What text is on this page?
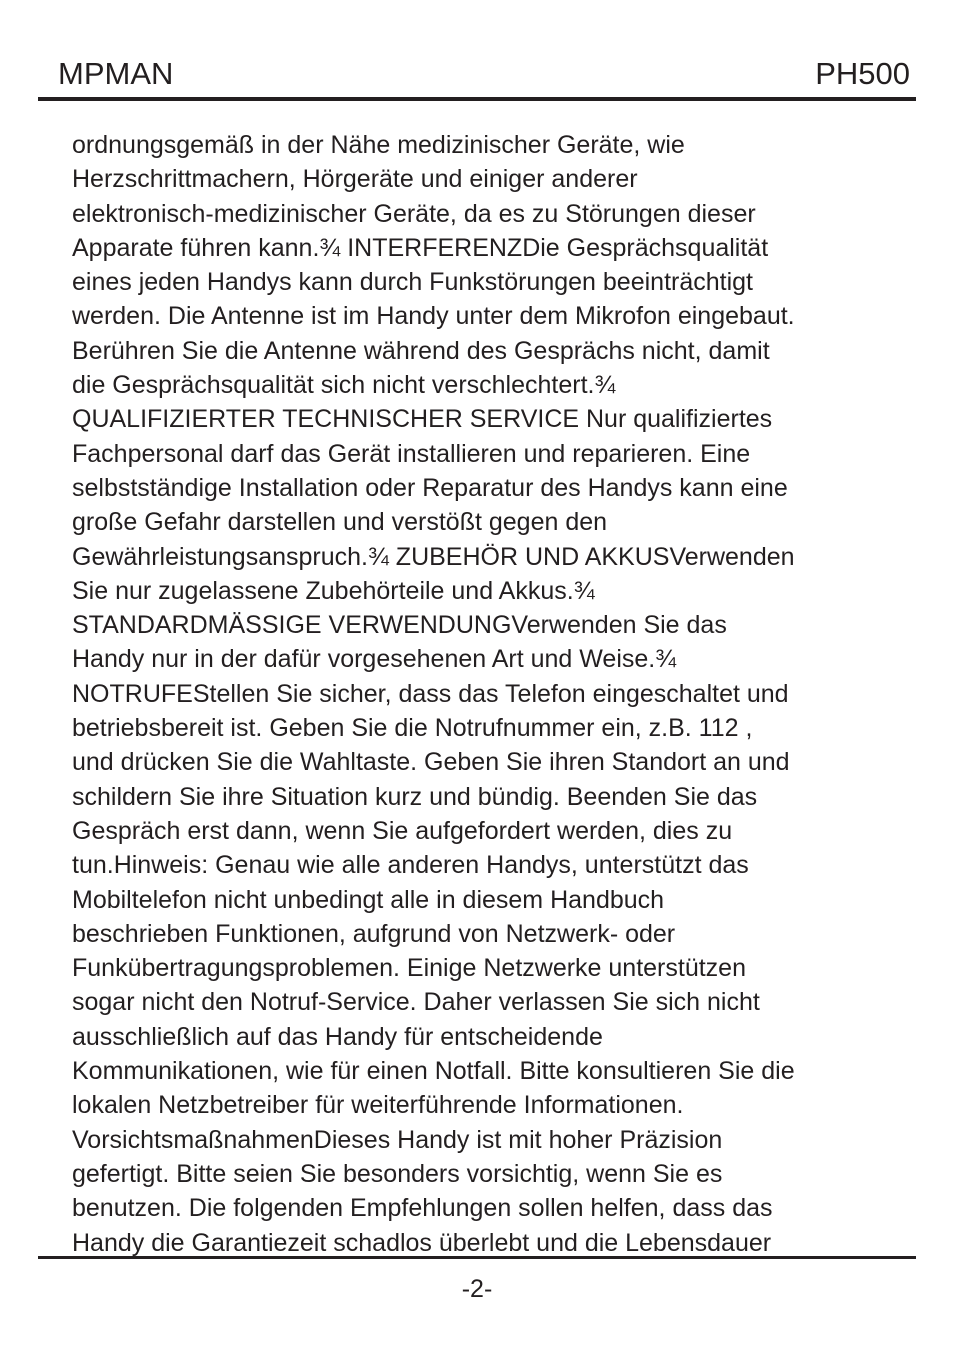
MPMAN	PH500
ordnungsgemäß in der Nähe medizinischer Geräte, wie
Herzschrittmachern, Hörgeräte und einiger anderer
elektronisch-medizinischer Geräte, da es zu Störungen dieser
Apparate führen kann.¾ INTERFERENZDie Gesprächsqualität
eines jeden Handys kann durch Funkstörungen beeinträchtigt
werden. Die Antenne ist im Handy unter dem Mikrofon eingebaut.
Berühren Sie die Antenne während des Gesprächs nicht, damit
die Gesprächsqualität sich nicht verschlechtert.¾
QUALIFIZIERTER TECHNISCHER SERVICE Nur qualifiziertes
Fachpersonal darf das Gerät installieren und reparieren. Eine
selbstständige Installation oder Reparatur des Handys kann eine
große Gefahr darstellen und verstößt gegen den
Gewährleistungsanspruch.¾ ZUBEHÖR UND AKKUSVerwenden
Sie nur zugelassene Zubehörteile und Akkus.¾
STANDARDMÄSSIGE VERWENDUNGVerwenden Sie das
Handy nur in der dafür vorgesehenen Art und Weise.¾
NOTRUFEStellen Sie sicher, dass das Telefon eingeschaltet und
betriebsbereit ist. Geben Sie die Notrufnummer ein, z.B. 112 ,
und drücken Sie die Wahltaste. Geben Sie ihren Standort an und
schildern Sie ihre Situation kurz und bündig. Beenden Sie das
Gespräch erst dann, wenn Sie aufgefordert werden, dies zu
tun.Hinweis: Genau wie alle anderen Handys, unterstützt das
Mobiltelefon nicht unbedingt alle in diesem Handbuch
beschrieben Funktionen, aufgrund von Netzwerk- oder
Funkübertragungsproblemen. Einige Netzwerke unterstützen
sogar nicht den Notruf-Service. Daher verlassen Sie sich nicht
ausschließlich auf das Handy für entscheidende
Kommunikationen, wie für einen Notfall. Bitte konsultieren Sie die
lokalen Netzbetreiber für weiterführende Informationen.
VorsichtsmaßnahmenDieses Handy ist mit hoher Präzision
gefertigt. Bitte seien Sie besonders vorsichtig, wenn Sie es
benutzen. Die folgenden Empfehlungen sollen helfen, dass das
Handy die Garantiezeit schadlos überlebt und die Lebensdauer
-2-
